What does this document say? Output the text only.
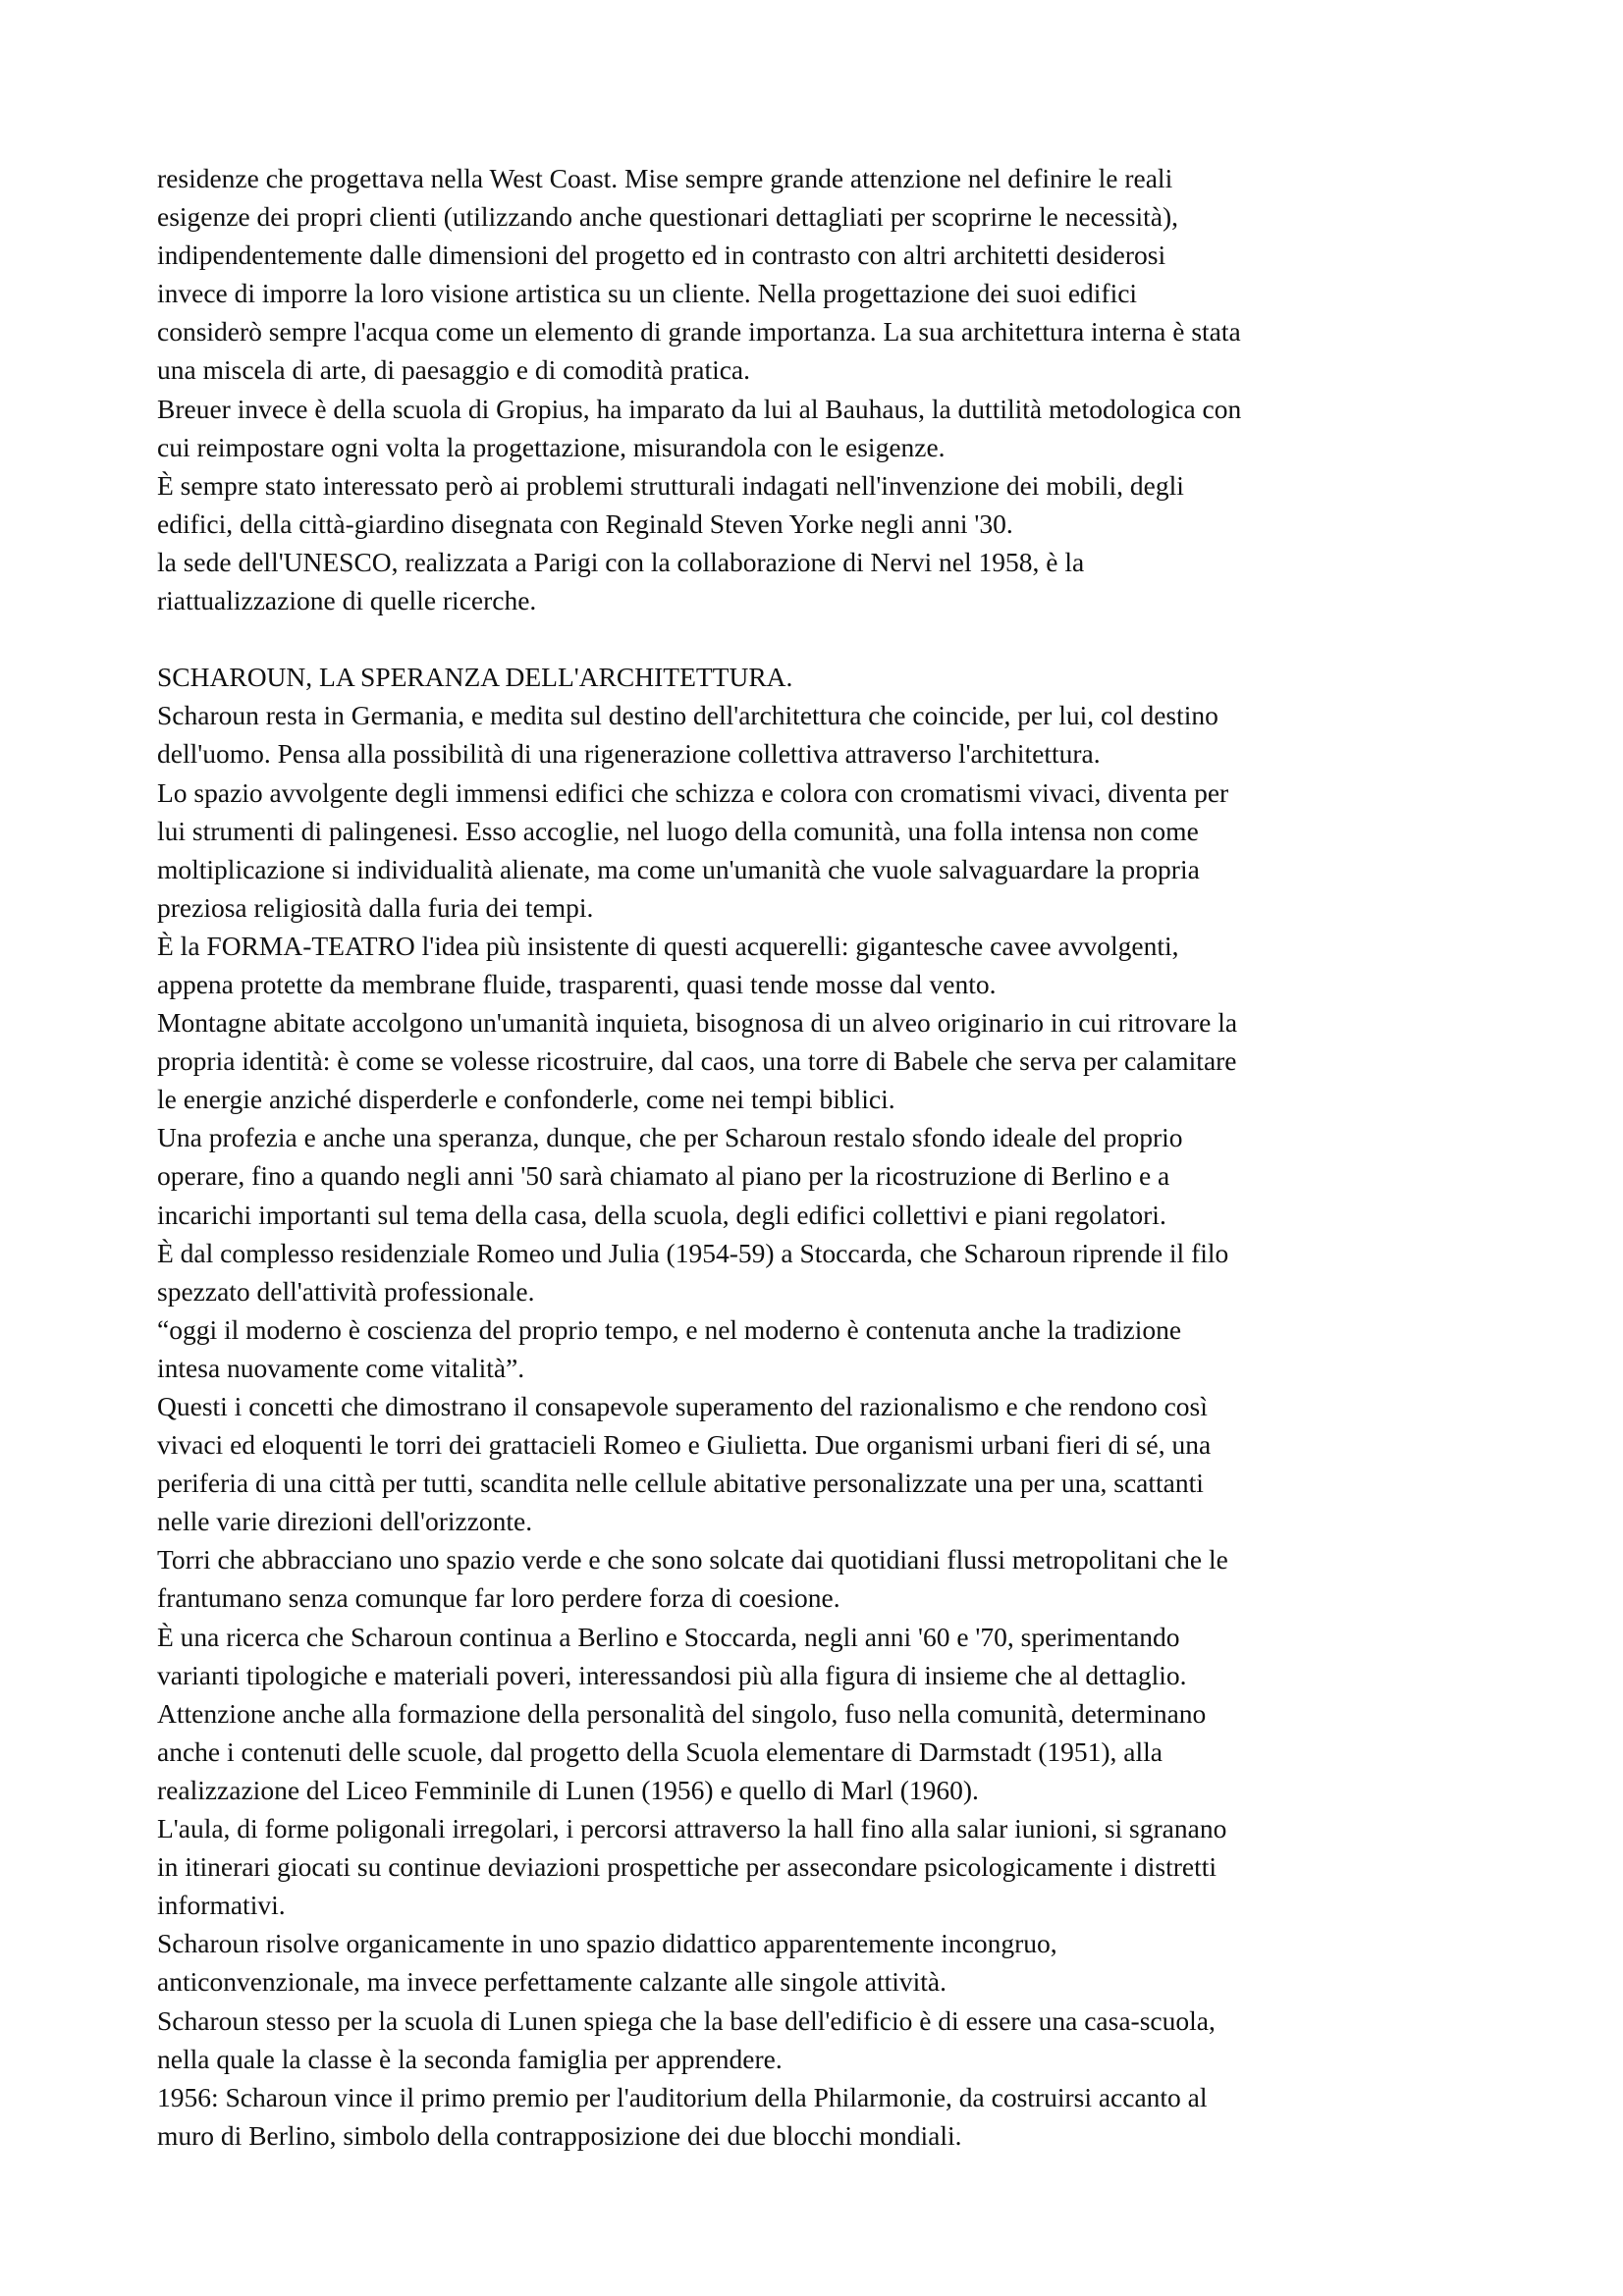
residenze che progettava nella West Coast. Mise sempre grande attenzione nel definire le reali
esigenze dei propri clienti (utilizzando anche questionari dettagliati per scoprirne le necessità),
indipendentemente dalle dimensioni del progetto ed in contrasto con altri architetti desiderosi
invece di imporre la loro visione artistica su un cliente. Nella progettazione dei suoi edifici
considerò sempre l'acqua come un elemento di grande importanza. La sua architettura interna è stata
una miscela di arte, di paesaggio e di comodità pratica.
Breuer invece è della scuola di Gropius, ha imparato da lui al Bauhaus, la duttilità metodologica con
cui reimpostare ogni volta la progettazione, misurandola con le esigenze.
È sempre stato interessato però ai problemi strutturali indagati nell'invenzione dei mobili, degli
edifici, della città-giardino disegnata con Reginald Steven Yorke negli anni '30.
la sede dell'UNESCO, realizzata a Parigi con la collaborazione di Nervi nel 1958, è la
riattualizzazione di quelle ricerche.
SCHAROUN, LA SPERANZA DELL'ARCHITETTURA.
Scharoun resta in Germania, e medita sul destino dell'architettura che coincide, per lui, col destino
dell'uomo. Pensa alla possibilità di una rigenerazione collettiva attraverso l'architettura.
Lo spazio avvolgente degli immensi edifici che schizza e colora con cromatismi vivaci, diventa per
lui strumenti di palingenesi. Esso accoglie, nel luogo della comunità, una folla intensa non come
moltiplicazione si individualità alienate, ma come un'umanità che vuole salvaguardare la propria
preziosa religiosità dalla furia dei tempi.
È la FORMA-TEATRO l'idea più insistente di questi acquerelli: gigantesche cavee avvolgenti,
appena protette da membrane fluide, trasparenti, quasi tende mosse dal vento.
Montagne abitate accolgono un'umanità inquieta, bisognosa di un alveo originario in cui ritrovare la
propria identità: è come se volesse ricostruire, dal caos, una torre di Babele che serva per calamitare
le energie anziché disperderle e confonderle, come nei tempi biblici.
Una profezia e anche una speranza, dunque, che per Scharoun restalo sfondo ideale del proprio
operare, fino a quando negli anni '50 sarà chiamato al piano per la ricostruzione di Berlino e a
incarichi importanti sul tema della casa, della scuola, degli edifici collettivi e piani regolatori.
È dal complesso residenziale Romeo und Julia (1954-59) a Stoccarda, che Scharoun riprende il filo
spezzato dell'attività professionale.
“oggi il moderno è coscienza del proprio tempo, e nel moderno è contenuta anche la tradizione
intesa nuovamente come vitalità”.
Questi i concetti che dimostrano il consapevole superamento del razionalismo e che rendono così
vivaci ed eloquenti le torri dei grattacieli Romeo e Giulietta. Due organismi urbani fieri di sé, una
periferia di una città per tutti, scandita nelle cellule abitative personalizzate una per una, scattanti
nelle varie direzioni dell'orizzonte.
Torri che abbracciano uno spazio verde e che sono solcate dai quotidiani flussi metropolitani che le
frantumano senza comunque far loro perdere forza di coesione.
È una ricerca che Scharoun continua a Berlino e Stoccarda, negli anni '60 e '70, sperimentando
varianti tipologiche e materiali poveri, interessandosi più alla figura di insieme che al dettaglio.
Attenzione anche alla formazione della personalità del singolo, fuso nella comunità, determinano
anche i contenuti delle scuole, dal progetto della Scuola elementare di Darmstadt (1951), alla
realizzazione del Liceo Femminile di Lunen (1956) e quello di Marl (1960).
L'aula, di forme poligonali irregolari, i percorsi attraverso la hall fino alla salar iunioni, si sgranano
in itinerari giocati su continue deviazioni prospettiche per assecondare psicologicamente i distretti
informativi.
Scharoun risolve organicamente in uno spazio didattico apparentemente incongruo,
anticonvenzionale, ma invece perfettamente calzante alle singole attività.
Scharoun stesso per la scuola di Lunen spiega che la base dell'edificio è di essere una casa-scuola,
nella quale la classe è la seconda famiglia per apprendere.
1956: Scharoun vince il primo premio per l'auditorium della Philarmonie, da costruirsi accanto al
muro di Berlino, simbolo della contrapposizione dei due blocchi mondiali.
